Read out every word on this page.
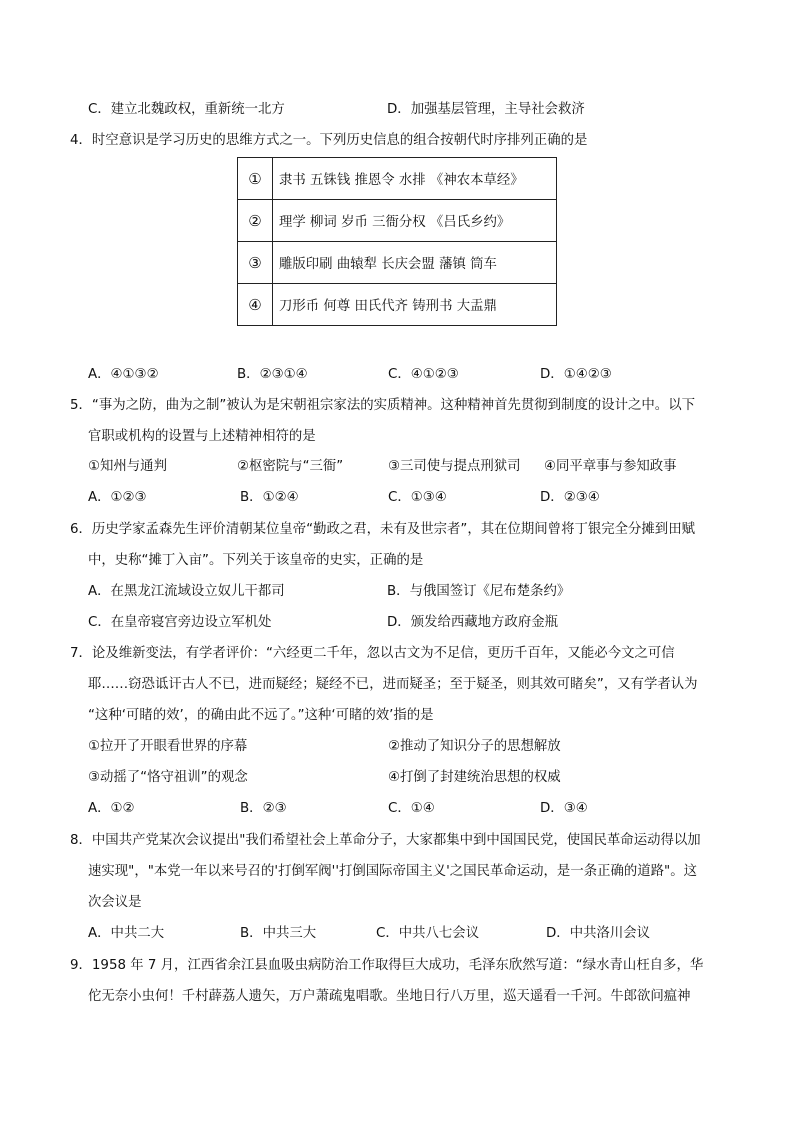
C．建立北魏政权，重新统一北方	D．加强基层管理，主导社会救济
4．时空意识是学习历史的思维方式之一。下列历史信息的组合按朝代时序排列正确的是
①	隶书 五铢钱 推恩令 水排 《神农本草经》
②	理学 柳词 岁币 三衙分权 《吕氏乡约》
③	雕版印刷 曲辕犁 长庆会盟 藩镇 筒车
④	刀形币 何尊 田氏代齐 铸刑书 大盂鼎
A．④①③②	B．②③①④	C．④①②③	D．①④②③
5．“事为之防，曲为之制”被认为是宋朝祖宗家法的实质精神。这种精神首先贯彻到制度的设计之中。以下
官职或机构的设置与上述精神相符的是
①知州与通判	②枢密院与“三衙”	③三司使与提点刑狱司 ④同平章事与参知政事
A．①②③	B．①②④	C．①③④	D．②③④
6．历史学家孟森先生评价清朝某位皇帝“勤政之君，未有及世宗者”，其在位期间曾将丁银完全分摊到田赋
中，史称“摊丁入亩”。下列关于该皇帝的史实，正确的是
A．在黑龙江流域设立奴儿干都司	B．与俄国签订《尼布楚条约》
C．在皇帝寝宫旁边设立军机处	D．颁发给西藏地方政府金瓶
7．论及维新变法，有学者评价：“六经更二千年，忽以古文为不足信，更历千百年，又能必今文之可信
耶……窃恐诋讦古人不已，进而疑经；疑经不已，进而疑圣；至于疑圣，则其效可睹矣”，又有学者认为
“这种‘可睹的效’，的确由此不远了。”这种‘可睹的效’指的是
①拉开了开眼看世界的序幕	②推动了知识分子的思想解放
③动摇了“恪守祖训”的观念	④打倒了封建统治思想的权威
A．①②	B．②③	C．①④	D．③④
8．中国共产党某次会议提出"我们希望社会上革命分子，大家都集中到中国国民党，使国民革命运动得以加
速实现"，"本党一年以来号召的'打倒军阀''打倒国际帝国主义'之国民革命运动，是一条正确的道路"。这
次会议是
A．中共二大	B．中共三大	C．中共八七会议	D．中共洛川会议
9．1958 年 7 月，江西省余江县血吸虫病防治工作取得巨大成功，毛泽东欣然写道：“绿水青山枉自多，华
佗无奈小虫何！千村薜荔人遗矢，万户萧疏鬼唱歌。坐地日行八万里，巡天遥看一千河。牛郎欲问瘟神
